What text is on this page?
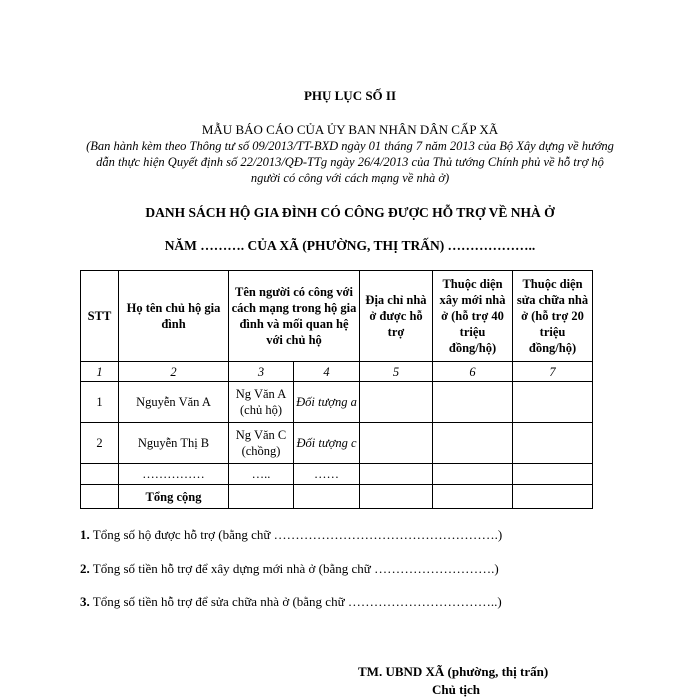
PHỤ LỤC SỐ II
MẪU BÁO CÁO CỦA ỦY BAN NHÂN DÂN CẤP XÃ
(Ban hành kèm theo Thông tư số 09/2013/TT-BXD ngày 01 tháng 7 năm 2013 của Bộ Xây dựng về hướng dẫn thực hiện Quyết định số 22/2013/QĐ-TTg ngày 26/4/2013 của Thủ tướng Chính phủ về hỗ trợ hộ người có công với cách mạng về nhà ở)
DANH SÁCH HỘ GIA ĐÌNH CÓ CÔNG ĐƯỢC HỖ TRỢ VỀ NHÀ Ở
NĂM ………. CỦA XÃ (PHƯỜNG, THỊ TRẤN) ………………..
STT	Họ tên chủ hộ gia đình	Tên người có công với cách mạng trong hộ gia đình và mối quan hệ với chủ hộ		Địa chỉ nhà ở được hỗ trợ	Thuộc diện xây mới nhà ở (hỗ trợ 40 triệu đồng/hộ)	Thuộc diện sửa chữa nhà ở (hỗ trợ 20 triệu đồng/hộ)
1	2	3	4	5	6	7
1	Nguyễn Văn A	Ng Văn A (chủ hộ)	Đối tượng a			
2	Nguyễn Thị B	Ng Văn C (chồng)	Đối tượng c			
	……………	…..	……			
	Tổng cộng					
1. Tổng số hộ được hỗ trợ (bằng chữ …………………………………………….)
2. Tổng số tiền hỗ trợ để xây dựng mới nhà ở (bằng chữ ……………………….)
3. Tổng số tiền hỗ trợ để sửa chữa nhà ở (bằng chữ ……………………………..)
TM. UBND XÃ (phường, thị trấn)
Chủ tịch
